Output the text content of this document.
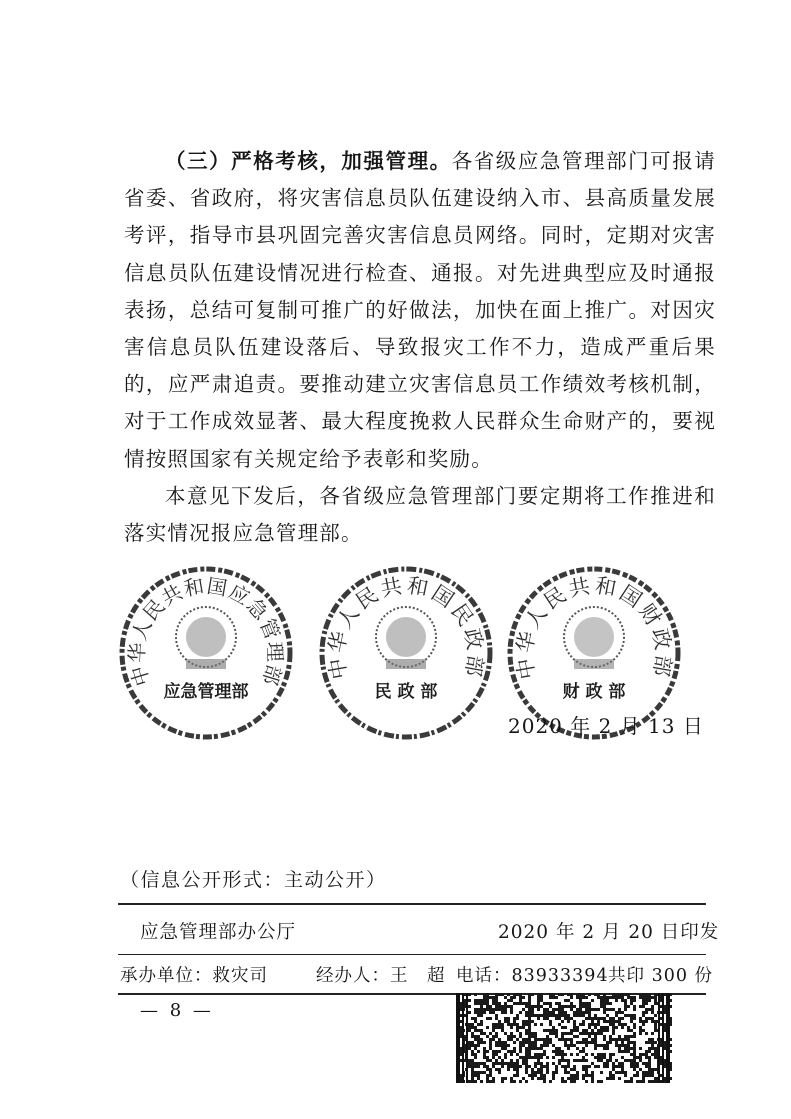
（三）严格考核，加强管理。各省级应急管理部门可报请省委、省政府，将灾害信息员队伍建设纳入市、县高质量发展考评，指导市县巩固完善灾害信息员网络。同时，定期对灾害信息员队伍建设情况进行检查、通报。对先进典型应及时通报表扬，总结可复制可推广的好做法，加快在面上推广。对因灾害信息员队伍建设落后、导致报灾工作不力，造成严重后果的，应严肃追责。要推动建立灾害信息员工作绩效考核机制，对于工作成效显著、最大程度挽救人民群众生命财产的，要视情按照国家有关规定给予表彰和奖励。

本意见下发后，各省级应急管理部门要定期将工作推进和落实情况报应急管理部。

中华人民共和国应急管理部
应急管理部
中华人民共和国民政部
民 政 部
中华人民共和国财政部
财 政 部
2020 年 2 月 13 日
（信息公开形式：主动公开）
应急管理部办公厅	2020 年 2 月 20 日印发
承办单位：救灾司	经办人：王　超 电话：83933394 共印 300 份
— 8 —
